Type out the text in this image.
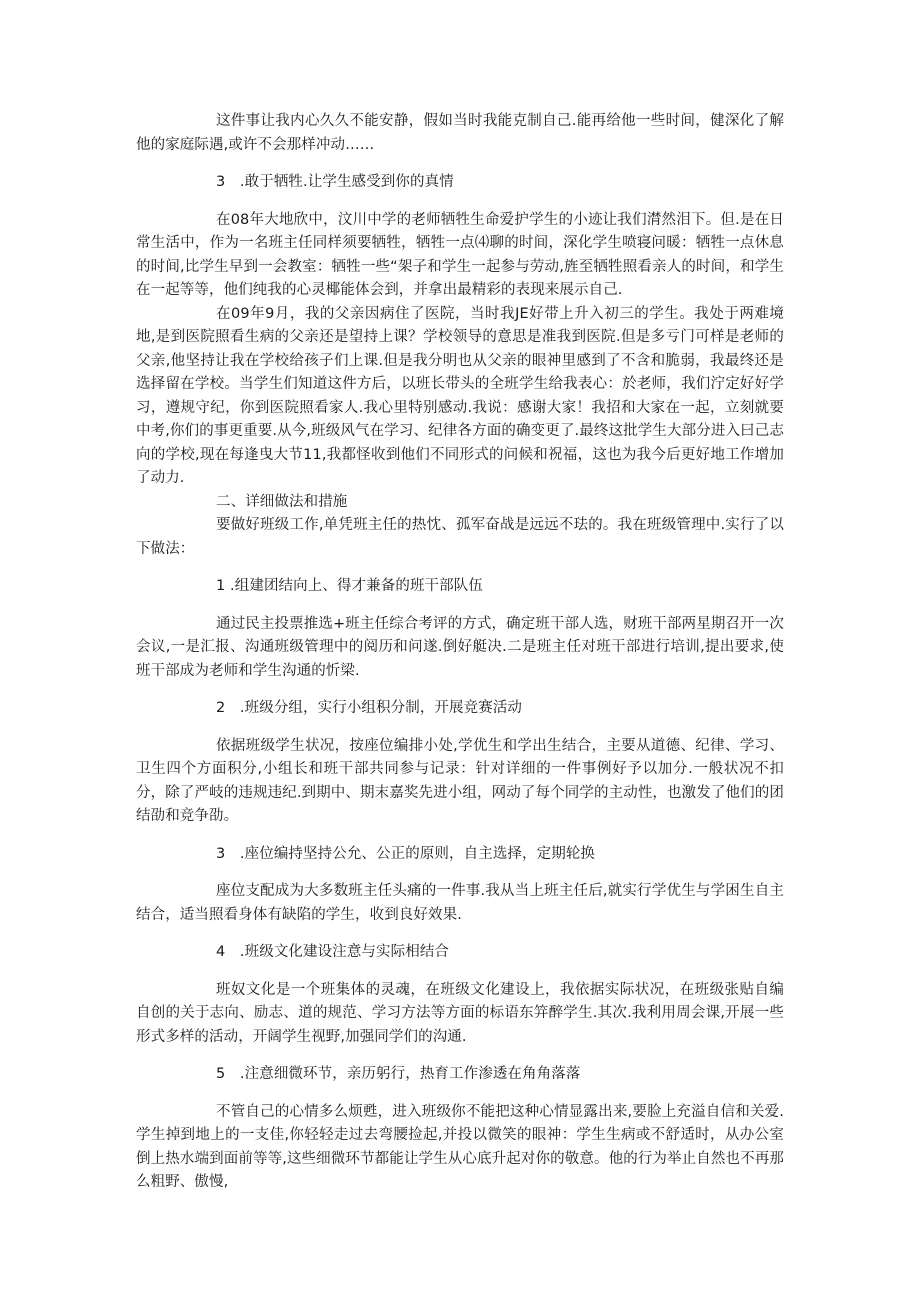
这件事让我内心久久不能安静，假如当时我能克制自己.能再给他一些时间，健深化了解他的家庭际遇,或许不会那样冲动……

3　.敢于牺牲.让学生感受到你的真情

在08年大地欣中，汶川中学的老师牺牲生命爱护学生的小迹让我们潸然泪下。但.是在日常生活中，作为一名班主任同样须要牺牲，牺牲一点⑷聊的时间，深化学生喷寝问暖：牺牲一点休息的时间,比学生早到一会教室：牺牲一些“架子和学生一起参与劳动,旌至牺牲照看亲人的时间，和学生在一起等等，他们纯我的心灵椰能体会到，并拿出最精彩的表现来展示自己.

在09年9月，我的父亲因病住了医院，当时我JE好带上升入初三的学生。我处于两难境地,是到医院照看生病的父亲还是望持上课？学校领导的意思是准我到医院.但是多亏门可样是老师的父亲,他坚持让我在学校给孩子们上课.但是我分明也从父亲的眼神里感到了不含和脆弱，我最终还是选择留在学校。当学生们知道这件方后，以班长带头的全班学生给我表心：於老师，我们泞定好好学习，遵规守纪，你到医院照看家人.我心里特别感动.我说：感谢大家！我招和大家在一起，立刻就要中考,你们的事更重要.从今,班级风气在学习、纪律各方面的确变更了.最终这批学生大部分进入曰己志向的学校,现在每逢曳大节11,我都怪收到他们不同形式的问候和祝福，这也为我今后更好地工作增加了动力.

二、详细做法和措施

要做好班级工作,单凭班主任的热忱、孤军奋战是远远不珐的。我在班级管理中.实行了以下做法：

1 .组建团结向上、得才兼备的班干部队伍

通过民主投票推选+班主任综合考评的方式，确定班干部人选，财班干部两星期召开一次会议,一是汇报、沟通班级管理中的阅历和问遂.倒好艇决.二是班主任对班干部进行培训,提出要求,使班干部成为老师和学生沟通的忻梁.

2　.班级分组，实行小组积分制，开展竞赛活动

依据班级学生状况，按座位编排小处,学优生和学出生结合，主要从道德、纪律、学习、卫生四个方面积分,小组长和班干部共同参与记录：针对详细的一件事例好予以加分.一般状况不扣分，除了严岐的违规违纪.到期中、期末嘉奖先进小组，网动了每个同学的主动性，也激发了他们的团结劭和竞争劭。

3　.座位编持坚持公允、公正的原则，自主选择，定期轮换

座位支配成为大多数班主任头痛的一件事.我从当上班主任后,就实行学优生与学困生自主结合，适当照看身体有缺陷的学生，收到良好效果.

4　.班级文化建设注意与实际相结合

班奴文化是一个班集体的灵魂，在班级文化建设上，我依据实际状况，在班级张贴自编自创的关于志向、励志、道的规范、学习方法等方面的标语东笄醉学生.其次.我利用周会课,开展一些形式多样的活动，开阔学生视野,加强同学们的沟通.

5　.注意细微环节，亲历躬行，热育工作渗透在角角落落

不管自己的心情多么烦甦，进入班级你不能把这种心情显露出来,要脸上充溢自信和关爱.学生掉到地上的一支佳,你轻轻走过去弯腰捡起,并投以微笑的眼神：学生生病或不舒适时，从办公室倒上热水端到面前等等,这些细微环节都能让学生从心底升起对你的敬意。他的行为举止自然也不再那么粗野、傲慢,
